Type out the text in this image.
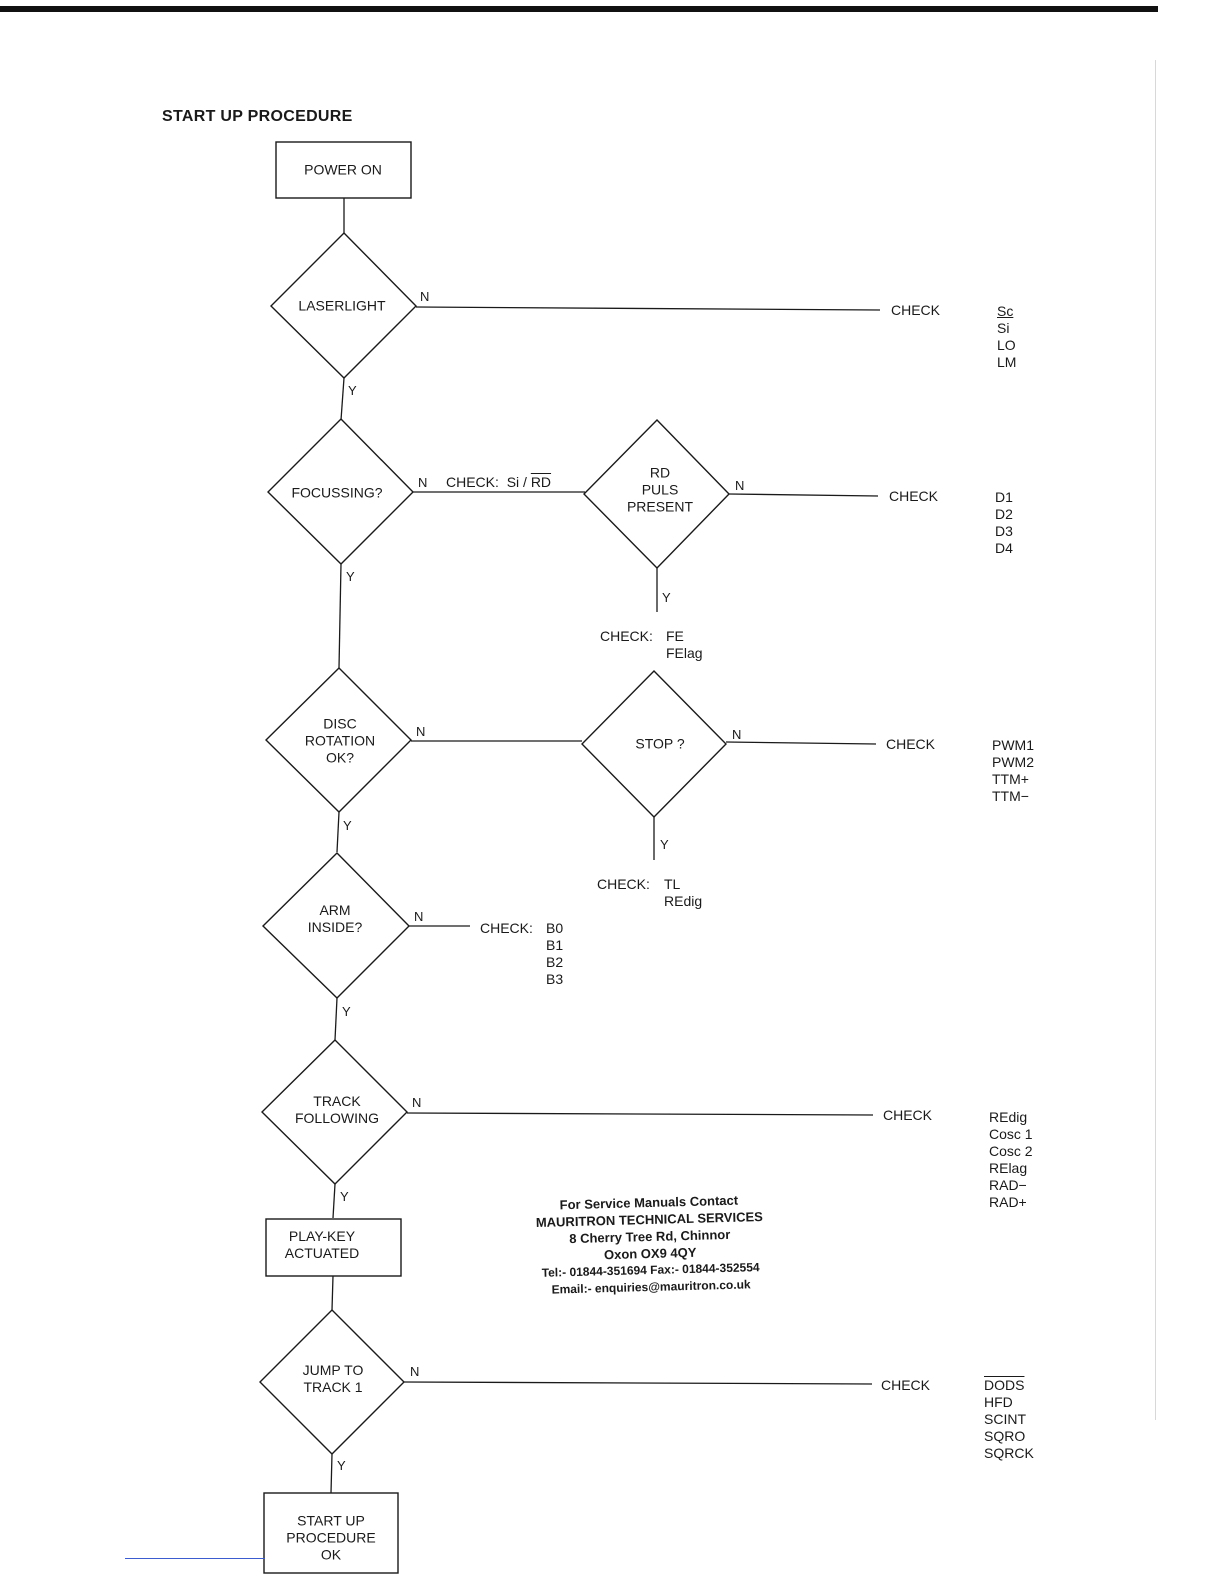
START UP PROCEDURE
POWER ON
LASERLIGHT
FOCUSSING?
RD
PULS
PRESENT
DISC
ROTATION
OK?
STOP ?
ARM
INSIDE?
TRACK
FOLLOWING
PLAY-KEY
ACTUATED
JUMP TO
TRACK 1
START UP
PROCEDURE
OK
N
Y
N
Y
N
Y
N
Y
N
Y
N
Y
N
Y
N
Y
CHECK
CHECK
CHECK
CHECK
CHECK
CHECK: Si / $\overline{RD}$
CHECK: FE
FElag
CHECK: TL
REdig
CHECK: B0
B1
B2
B3
Sc
Si
LO
LM
D1
D2
D3
D4
PWM1
PWM2
TTM+
TTM−
REdig
Cosc 1
Cosc 2
RElag
RAD−
RAD+
DODS
HFD
SCINT
SQRO
SQRCK
For Service Manuals Contact
MAURITRON TECHNICAL SERVICES
8 Cherry Tree Rd, Chinnor
Oxon OX9 4QY
Tel:- 01844-351694 Fax:- 01844-352554
Email:- enquiries@mauritron.co.uk
